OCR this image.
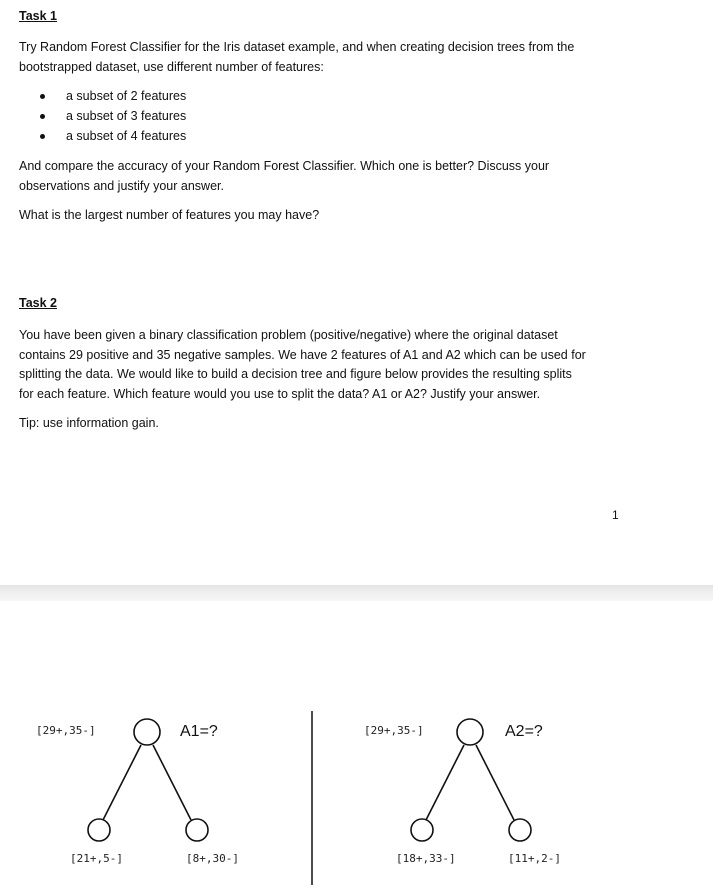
Task 1
Try Random Forest Classifier for the Iris dataset example, and when creating decision trees from the
bootstrapped dataset, use different number of features:
a subset of 2 features
a subset of 3 features
a subset of 4 features
And compare the accuracy of your Random Forest Classifier. Which one is better? Discuss your
observations and justify your answer.
What is the largest number of features you may have?
Task 2
You have been given a binary classification problem (positive/negative) where the original dataset
contains 29 positive and 35 negative samples. We have 2 features of A1 and A2 which can be used for
splitting the data. We would like to build a decision tree and figure below provides the resulting splits
for each feature. Which feature would you use to split the data? A1 or A2? Justify your answer.
Tip: use information gain.
1
[29+,35-]	A1=?
[21+,5-]	[8+,30-]
[29+,35-]	A2=?
[18+,33-]	[11+,2-]
